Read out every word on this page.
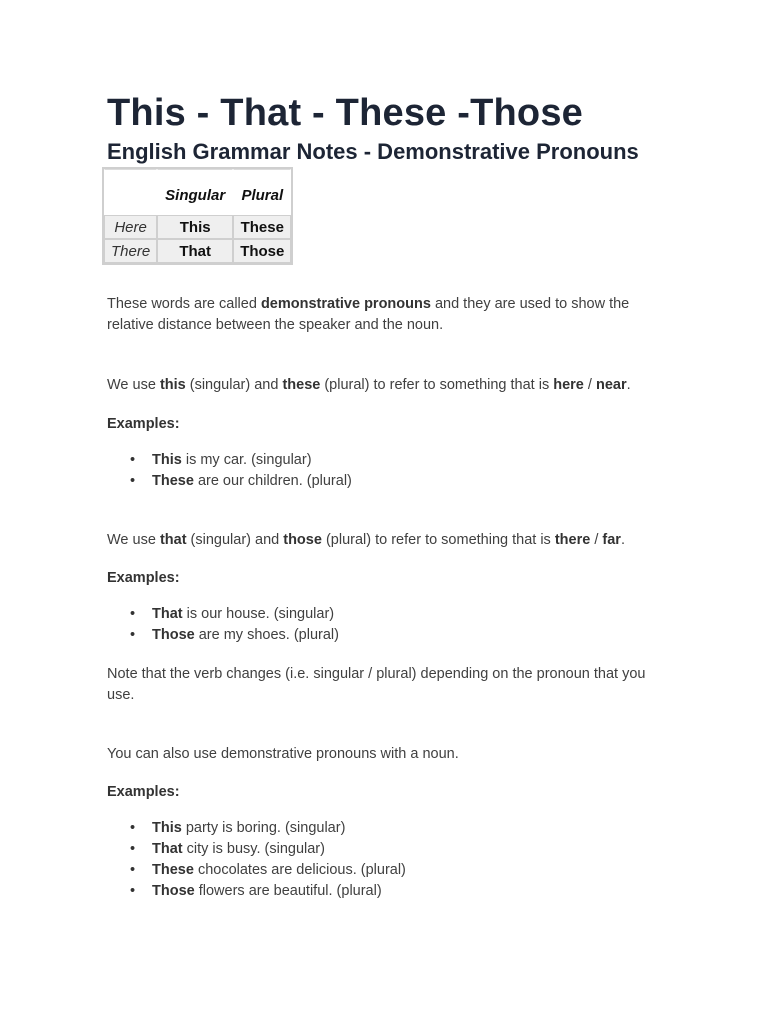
This - That - These -Those
English Grammar Notes - Demonstrative Pronouns
	Singular	Plural
Here	This	These
There	That	Those

These words are called demonstrative pronouns and they are used to show the relative distance between the speaker and the noun.

We use this (singular) and these (plural) to refer to something that is here / near.

Examples:

• This is my car. (singular)
• These are our children. (plural)

We use that (singular) and those (plural) to refer to something that is there / far.

Examples:

• That is our house. (singular)
• Those are my shoes. (plural)

Note that the verb changes (i.e. singular / plural) depending on the pronoun that you use.

You can also use demonstrative pronouns with a noun.

Examples:

• This party is boring. (singular)
• That city is busy. (singular)
• These chocolates are delicious. (plural)
• Those flowers are beautiful. (plural)
